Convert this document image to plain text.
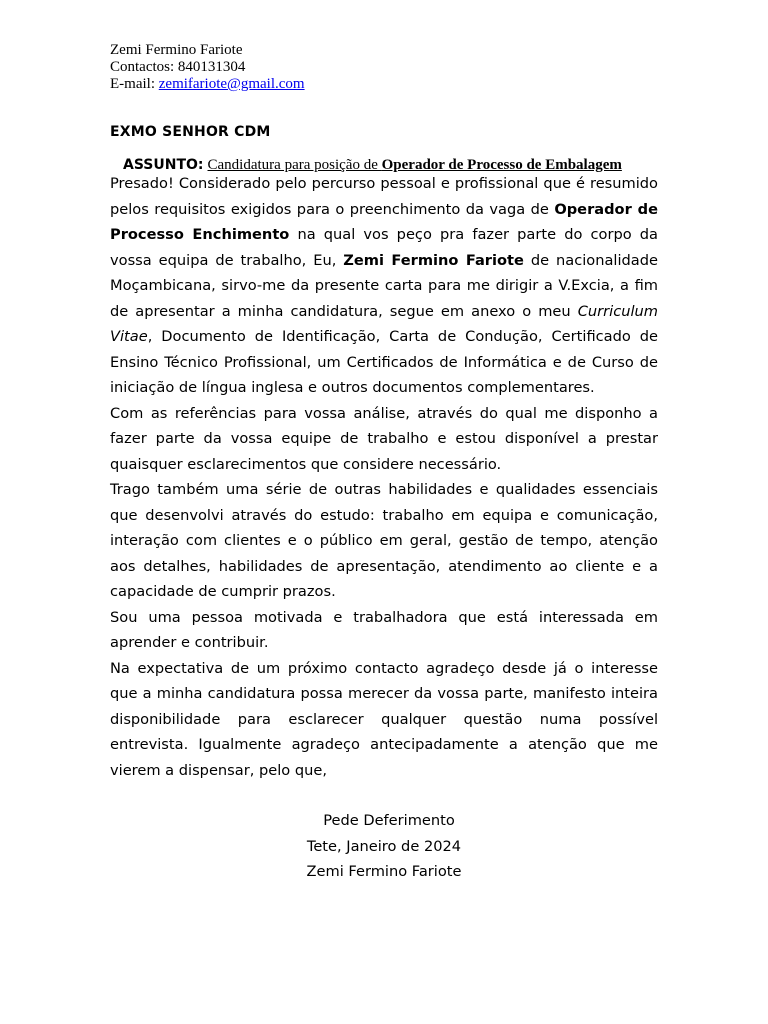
Zemi Fermino Fariote
Contactos: 840131304
E-mail: zemifariote@gmail.com
EXMO SENHOR CDM
ASSUNTO: Candidatura para posição de Operador de Processo de Embalagem

Presado! Considerado pelo percurso pessoal e profissional que é resumido pelos requisitos exigidos para o preenchimento da vaga de Operador de Processo Enchimento na qual vos peço pra fazer parte do corpo da vossa equipa de trabalho, Eu, Zemi Fermino Fariote de nacionalidade Moçambicana, sirvo-me da presente carta para me dirigir a V.Excia, a fim de apresentar a minha candidatura, segue em anexo o meu Curriculum Vitae, Documento de Identificação, Carta de Condução, Certificado de Ensino Técnico Profissional, um Certificados de Informática e de Curso de iniciação de língua inglesa e outros documentos complementares.

Com as referências para vossa análise, através do qual me disponho a fazer parte da vossa equipe de trabalho e estou disponível a prestar quaisquer esclarecimentos que considere necessário.

Trago também uma série de outras habilidades e qualidades essenciais que desenvolvi através do estudo: trabalho em equipa e comunicação, interação com clientes e o público em geral, gestão de tempo, atenção aos detalhes, habilidades de apresentação, atendimento ao cliente e a capacidade de cumprir prazos.

Sou uma pessoa motivada e trabalhadora que está interessada em aprender e contribuir.

Na expectativa de um próximo contacto agradeço desde já o interesse que a minha candidatura possa merecer da vossa parte, manifesto inteira disponibilidade para esclarecer qualquer questão numa possível entrevista. Igualmente agradeço antecipadamente a atenção que me vierem a dispensar, pelo que,

Pede Deferimento
Tete, Janeiro de 2024
Zemi Fermino Fariote
